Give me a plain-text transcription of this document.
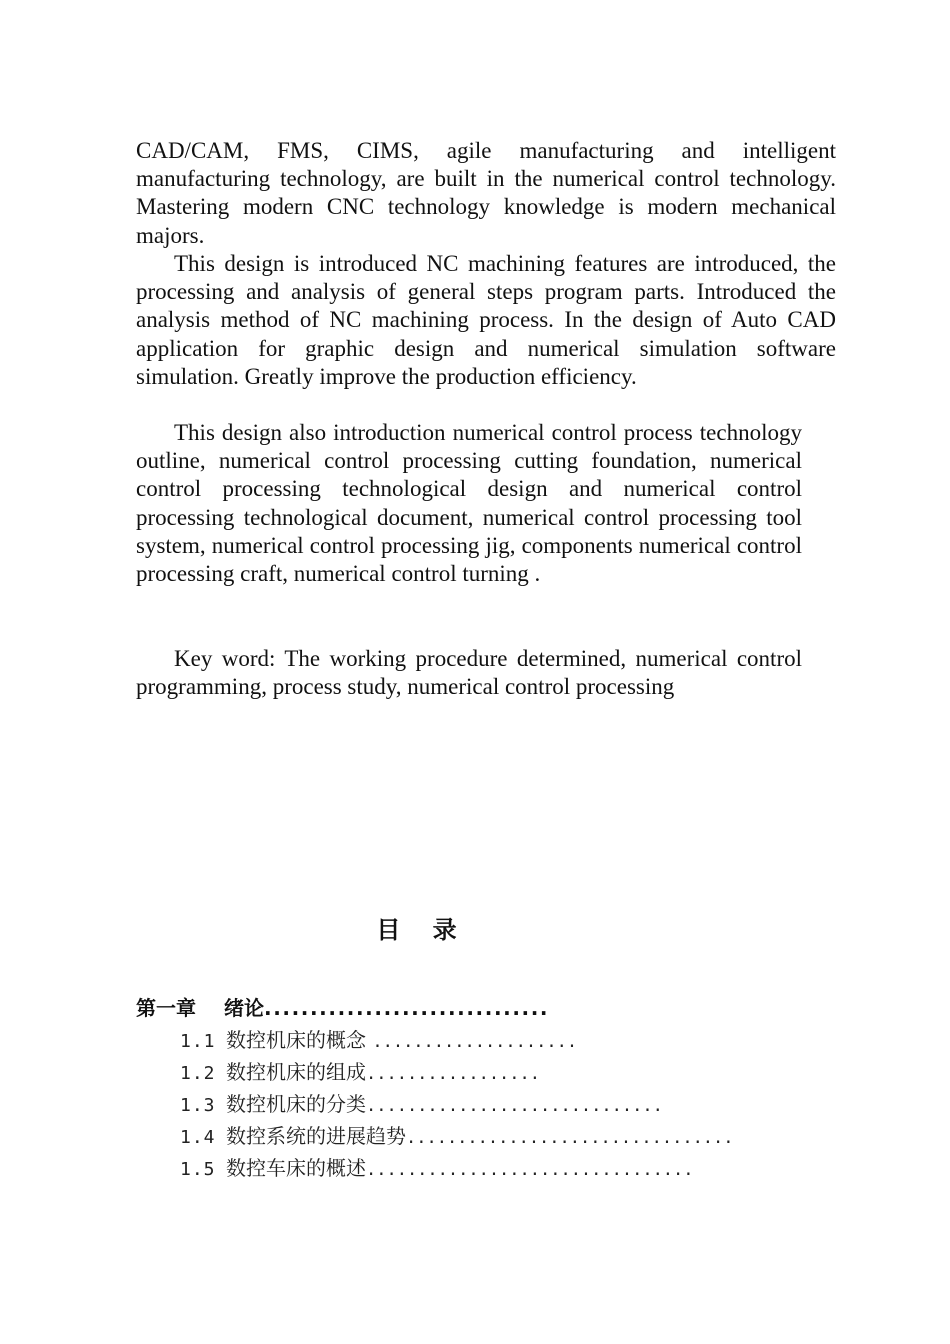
CAD/CAM, FMS, CIMS, agile manufacturing and intelligent manufacturing technology, are built in the numerical control technology. Mastering modern CNC technology knowledge is modern mechanical majors.

This design is introduced NC machining features are introduced, the processing and analysis of general steps program parts. Introduced the analysis method of NC machining process. In the design of Auto CAD application for graphic design and numerical simulation software simulation. Greatly improve the production efficiency.

This design also introduction numerical control process technology outline, numerical control processing cutting foundation, numerical control processing technological design and numerical control processing technological document, numerical control processing tool system, numerical control processing jig, components numerical control processing craft, numerical control turning .

Key word: The working procedure determined, numerical control programming, process study, numerical control processing

目 录
第一章 绪论...............................
1.1 数控机床的概念 ....................
1.2 数控机床的组成.................
1.3 数控机床的分类.............................
1.4 数控系统的进展趋势................................
1.5 数控车床的概述................................
